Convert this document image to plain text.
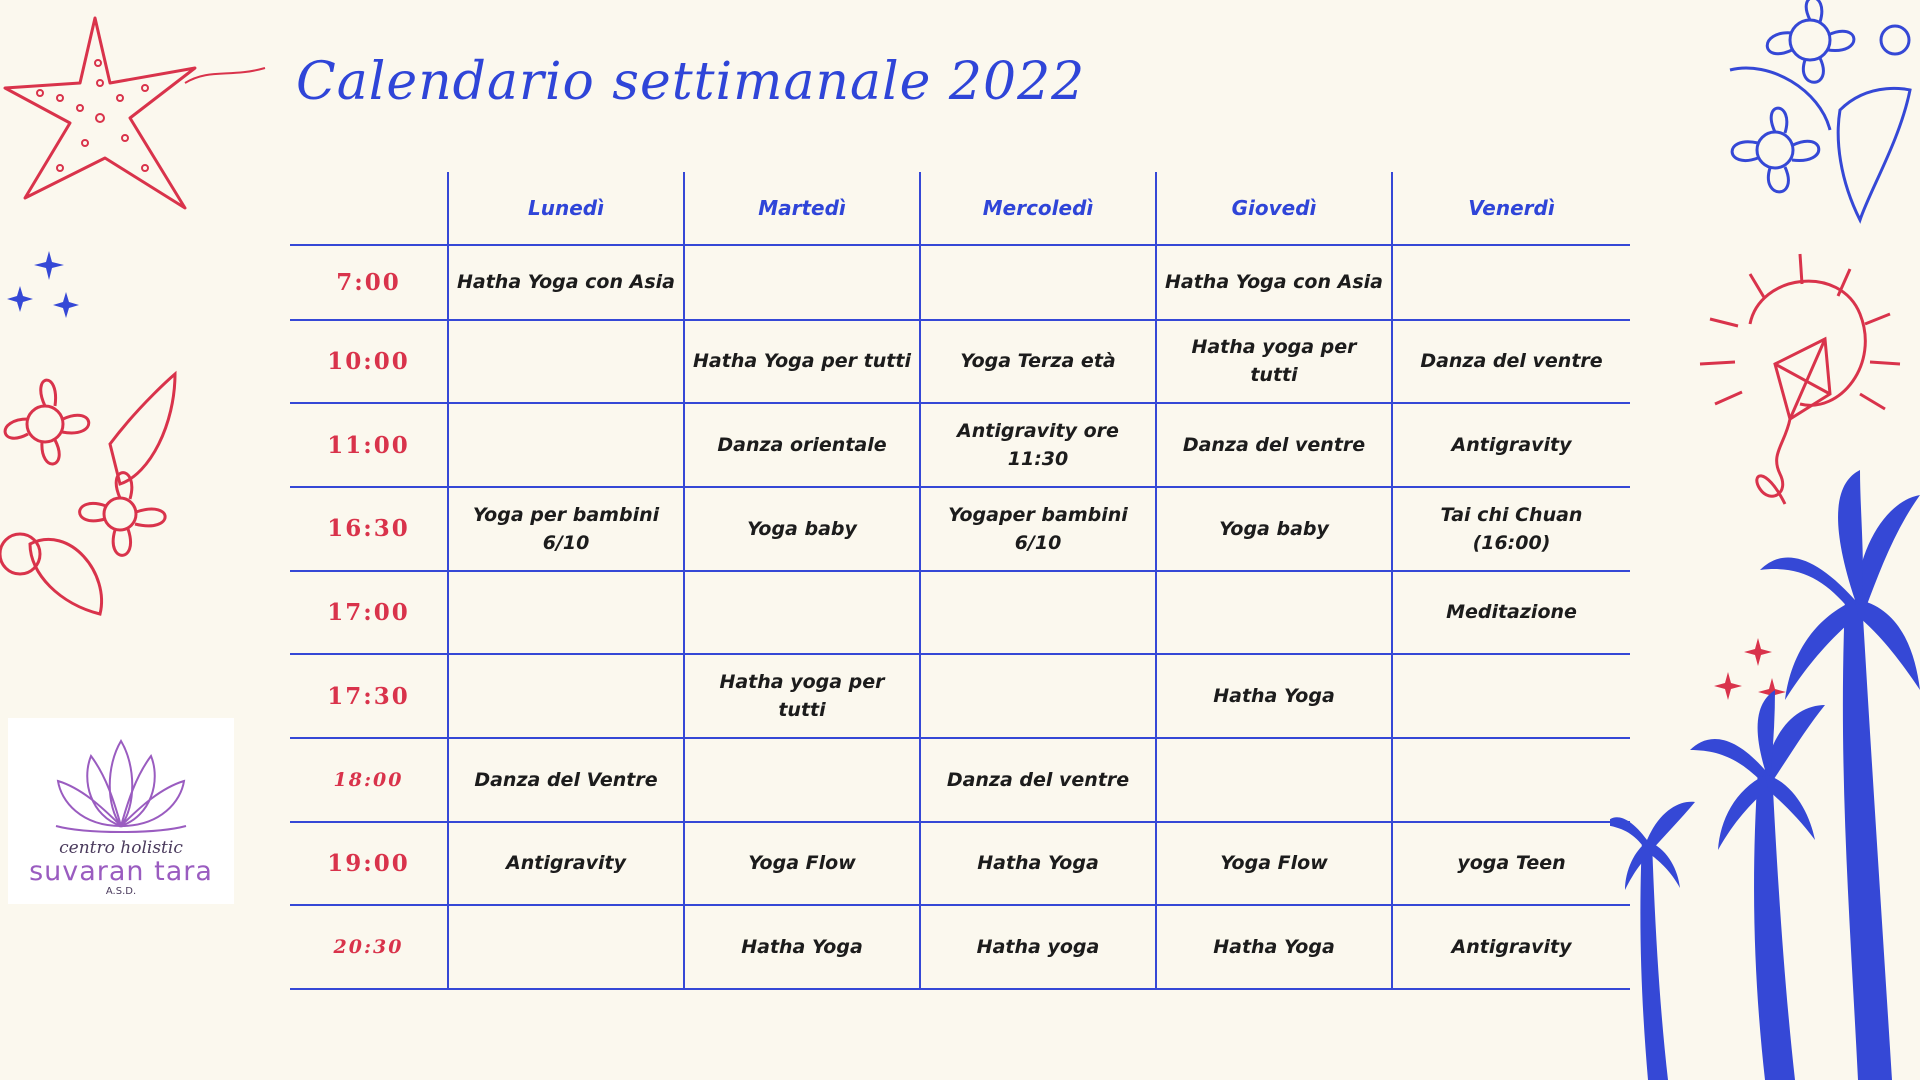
Calendario settimanale 2022
centro holistic
suvaran tara
A.S.D.
	Lunedì	Martedì	Mercoledì	Giovedì	Venerdì
7:00	Hatha Yoga con Asia			Hatha Yoga con Asia	
10:00		Hatha Yoga per tutti	Yoga Terza età	Hatha yoga per tutti	Danza del ventre
11:00		Danza orientale	Antigravity ore 11:30	Danza del ventre	Antigravity
16:30	Yoga per bambini 6/10	Yoga baby	Yogaper bambini 6/10	Yoga baby	Tai chi Chuan (16:00)
17:00					Meditazione
17:30		Hatha yoga per tutti		Hatha Yoga	
18:00	Danza del Ventre		Danza del ventre		
19:00	Antigravity	Yoga Flow	Hatha Yoga	Yoga Flow	yoga Teen
20:30		Hatha Yoga	Hatha yoga	Hatha Yoga	Antigravity
